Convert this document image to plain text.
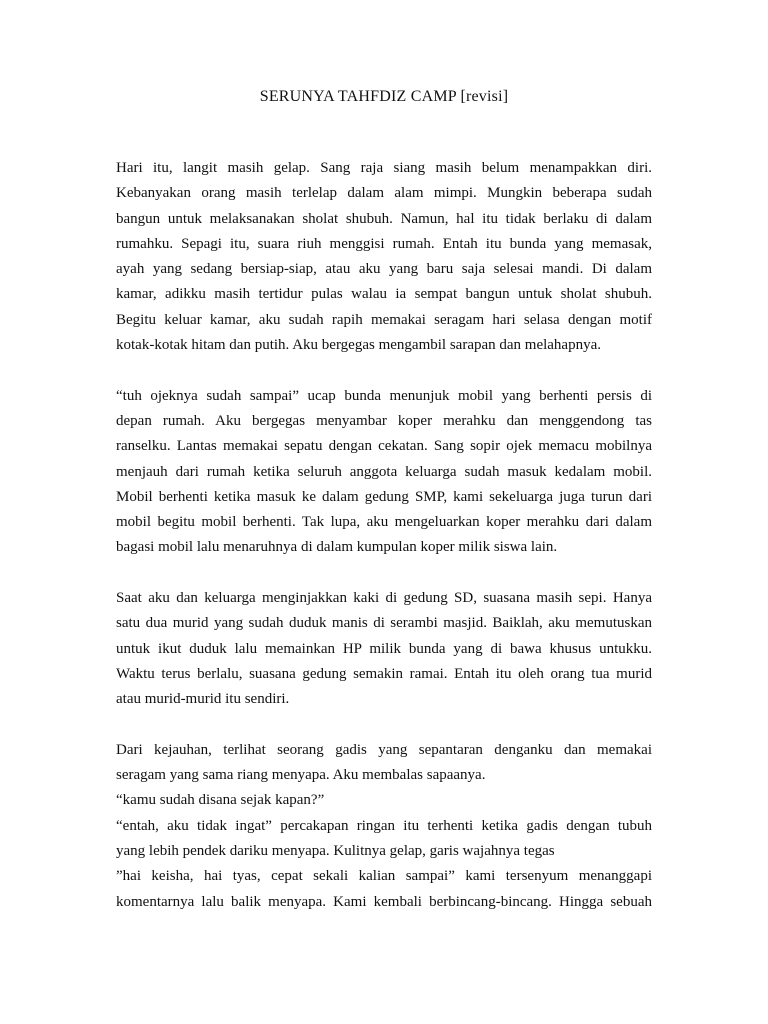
SERUNYA TAHFDIZ CAMP [revisi]
Hari itu, langit masih gelap. Sang raja siang masih belum menampakkan diri.
Kebanyakan orang masih terlelap dalam alam mimpi. Mungkin beberapa sudah
bangun untuk melaksanakan sholat shubuh. Namun, hal itu tidak berlaku di dalam
rumahku. Sepagi itu, suara riuh menggisi rumah. Entah itu bunda yang memasak,
ayah yang sedang bersiap-siap, atau aku yang baru saja selesai mandi. Di dalam
kamar, adikku masih tertidur pulas walau ia sempat bangun untuk sholat shubuh.
Begitu keluar kamar, aku sudah rapih memakai seragam hari selasa dengan motif
kotak-kotak hitam dan putih. Aku bergegas mengambil sarapan dan melahapnya.
“tuh ojeknya sudah sampai” ucap bunda menunjuk mobil yang berhenti persis di
depan rumah. Aku bergegas menyambar koper merahku dan menggendong tas
ranselku. Lantas memakai sepatu dengan cekatan. Sang sopir ojek memacu mobilnya
menjauh dari rumah ketika seluruh anggota keluarga sudah masuk kedalam mobil.
Mobil berhenti ketika masuk ke dalam gedung SMP, kami sekeluarga juga turun dari
mobil begitu mobil berhenti. Tak lupa, aku mengeluarkan koper merahku dari dalam
bagasi mobil lalu menaruhnya di dalam kumpulan koper milik siswa lain.
Saat aku dan keluarga menginjakkan kaki di gedung SD, suasana masih sepi. Hanya
satu dua murid yang sudah duduk manis di serambi masjid. Baiklah, aku memutuskan
untuk ikut duduk lalu memainkan HP milik bunda yang di bawa khusus untukku.
Waktu terus berlalu, suasana gedung semakin ramai. Entah itu oleh orang tua murid
atau murid-murid itu sendiri.
Dari kejauhan, terlihat seorang gadis yang sepantaran denganku dan memakai
seragam yang sama riang menyapa. Aku membalas sapaanya.
“kamu sudah disana sejak kapan?”
“entah, aku tidak ingat” percakapan ringan itu terhenti ketika gadis dengan tubuh
yang lebih pendek dariku menyapa. Kulitnya gelap, garis wajahnya tegas
”hai keisha, hai tyas, cepat sekali kalian sampai” kami tersenyum menanggapi
komentarnya lalu balik menyapa. Kami kembali berbincang-bincang. Hingga sebuah
